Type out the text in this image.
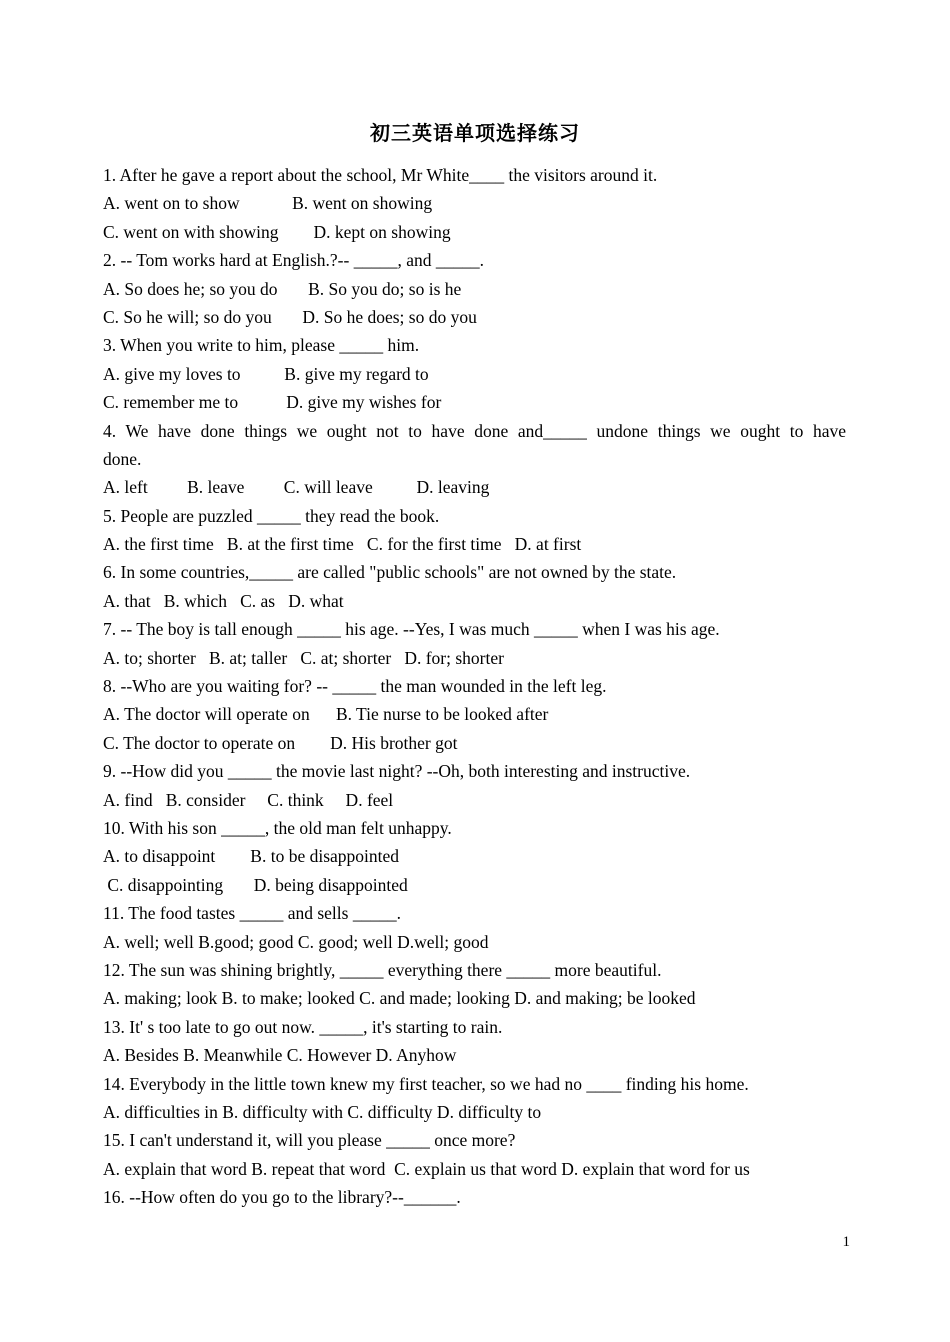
初三英语单项选择练习
1. After he gave a report about the school, Mr White____ the visitors around it.
A. went on to show            B. went on showing
C. went on with showing        D. kept on showing
2. -- Tom works hard at English.?-- _____, and _____.
A. So does he; so you do       B. So you do; so is he
C. So he will; so do you       D. So he does; so do you
3. When you write to him, please _____ him.
A. give my loves to          B. give my regard to
C. remember me to           D. give my wishes for
4. We have done things we ought not to have done and_____ undone things we ought to have
done.
A. left         B. leave         C. will leave          D. leaving
5. People are puzzled _____ they read the book.
A. the first time   B. at the first time   C. for the first time   D. at first
6. In some countries,_____ are called "public schools" are not owned by the state.
A. that   B. which   C. as   D. what
7. -- The boy is tall enough _____ his age. --Yes, I was much _____ when I was his age.
A. to; shorter   B. at; taller   C. at; shorter   D. for; shorter
8. --Who are you waiting for? -- _____ the man wounded in the left leg.
A. The doctor will operate on      B. Tie nurse to be looked after
C. The doctor to operate on        D. His brother got
9. --How did you _____ the movie last night? --Oh, both interesting and instructive.
A. find   B. consider     C. think     D. feel
10. With his son _____, the old man felt unhappy.
A. to disappoint        B. to be disappointed
C. disappointing       D. being disappointed
11. The food tastes _____ and sells _____.
A. well; well B.good; good C. good; well D.well; good
12. The sun was shining brightly, _____ everything there _____ more beautiful.
A. making; look B. to make; looked C. and made; looking D. and making; be looked
13. It' s too late to go out now. _____, it's starting to rain.
A. Besides B. Meanwhile C. However D. Anyhow
14. Everybody in the little town knew my first teacher, so we had no ____ finding his home.
A. difficulties in B. difficulty with C. difficulty D. difficulty to
15. I can't understand it, will you please _____ once more?
A. explain that word B. repeat that word  C. explain us that word D. explain that word for us
16. --How often do you go to the library?--______.
1
